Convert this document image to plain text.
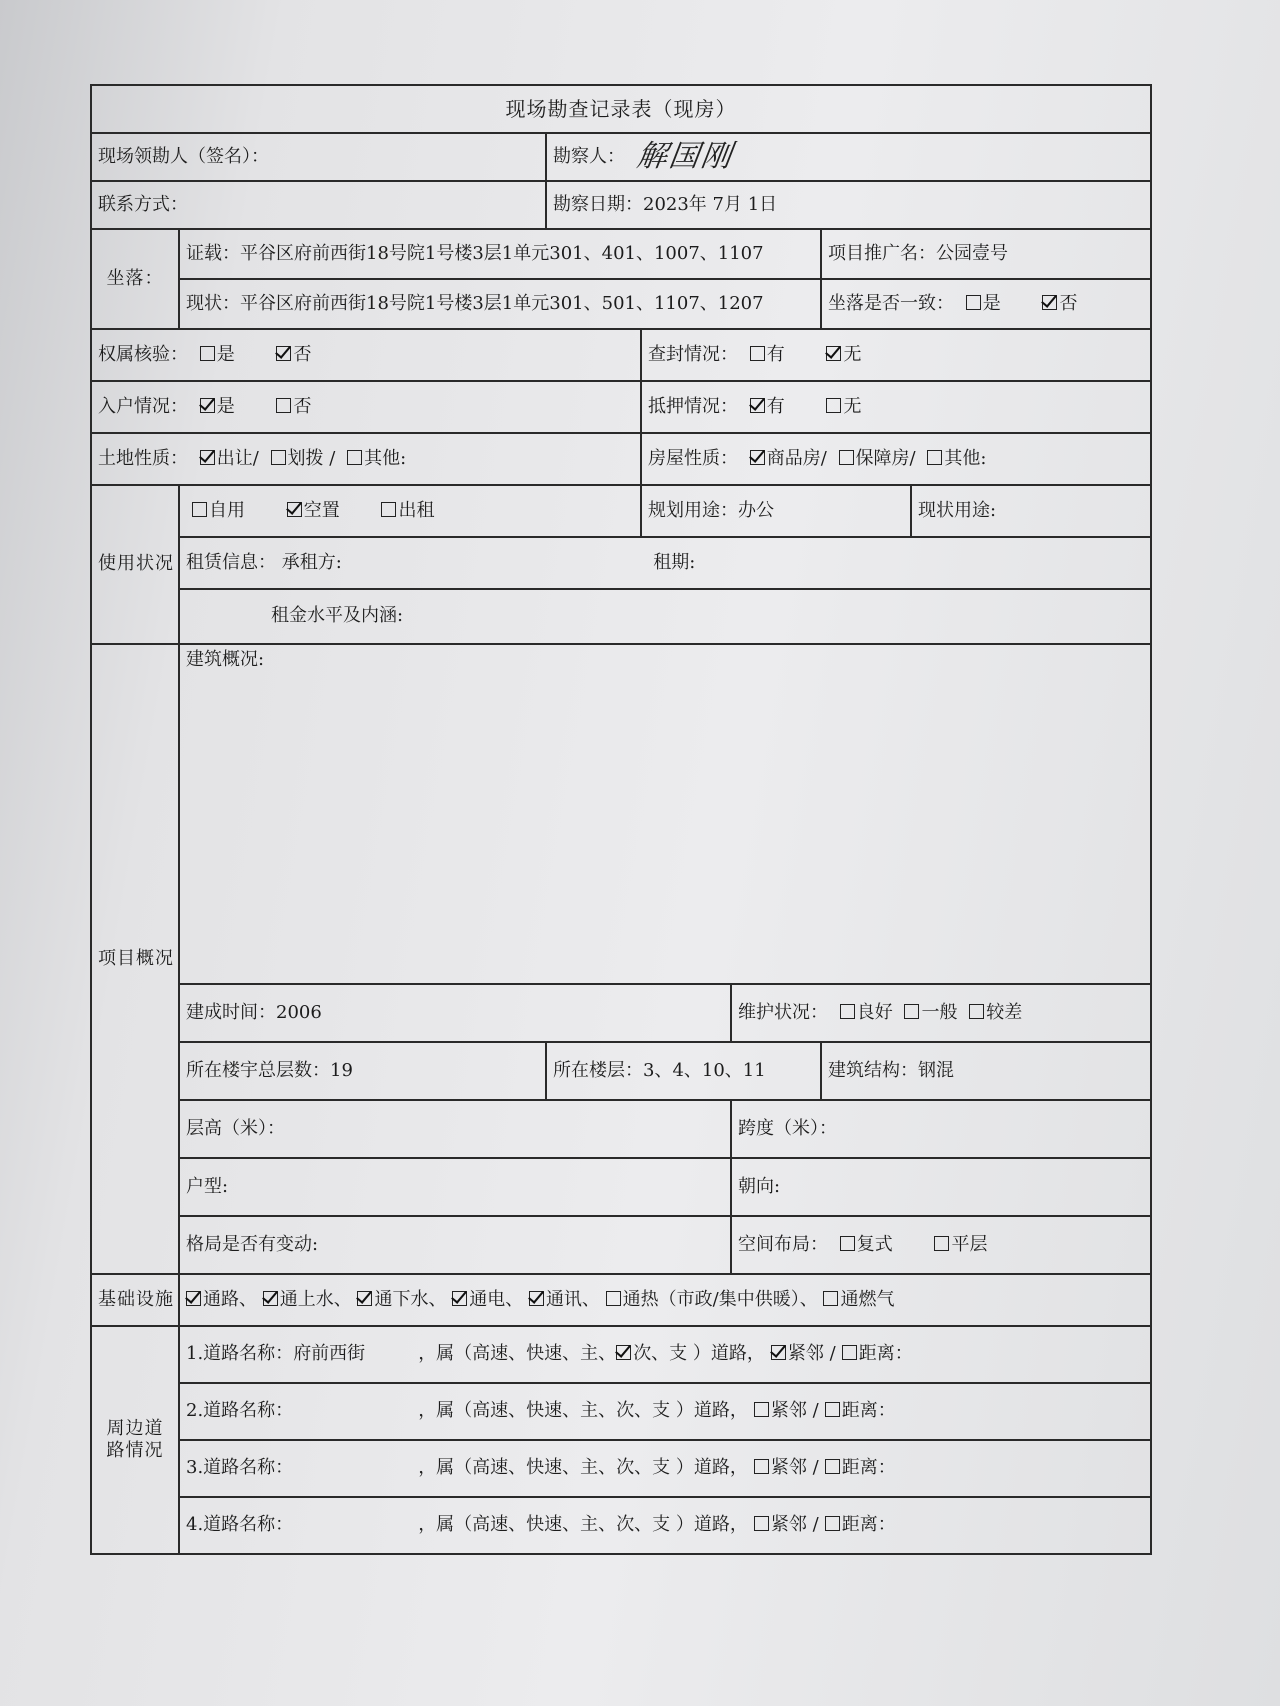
现场勘查记录表（现房）						
现场领勘人（签名）：		勘察人： 解国刚				
联系方式：		勘察日期：2023年 7月 1日				
坐落：	证载：平谷区府前西街18号院1号楼3层1单元301、401、1007、1107				项目推广名：公园壹号	
	现状：平谷区府前西街18号院1号楼3层1单元301、501、1107、1207				坐落是否一致： 是 否	
权属核验： 是 否			查封情况： 有 无			
入户情况： 是 否			抵押情况： 有 无			
土地性质： 出让/ 划拨 / 其他:			房屋性质： 商品房/ 保障房/ 其他:			
使用状况	自用 空置 出租		规划用途：办公			现状用途:
	租赁信息： 承租方: 租期:					
	租金水平及内涵:					
项目概况	建筑概况:					
	建成时间：2006			维护状况： 良好 一般 较差		
	所在楼宇总层数：19	所在楼层：3、4、10、11			建筑结构：钢混	
	层高（米）：			跨度（米）：		
	户型:			朝向:		
	格局是否有变动:			空间布局： 复式 平层		
基础设施	通路、 通上水、 通下水、 通电、 通讯、 通热（市政/集中供暖）、 通燃气					
周边道路情况	1.道路名称：府前西街 ，属（高速、快速、主、 次、支 ）道路， 紧邻 / 距离：					
	2.道路名称： ，属（高速、快速、主、次、支 ）道路， 紧邻 / 距离：					
	3.道路名称： ，属（高速、快速、主、次、支 ）道路， 紧邻 / 距离：					
	4.道路名称： ，属（高速、快速、主、次、支 ）道路， 紧邻 / 距离：					
